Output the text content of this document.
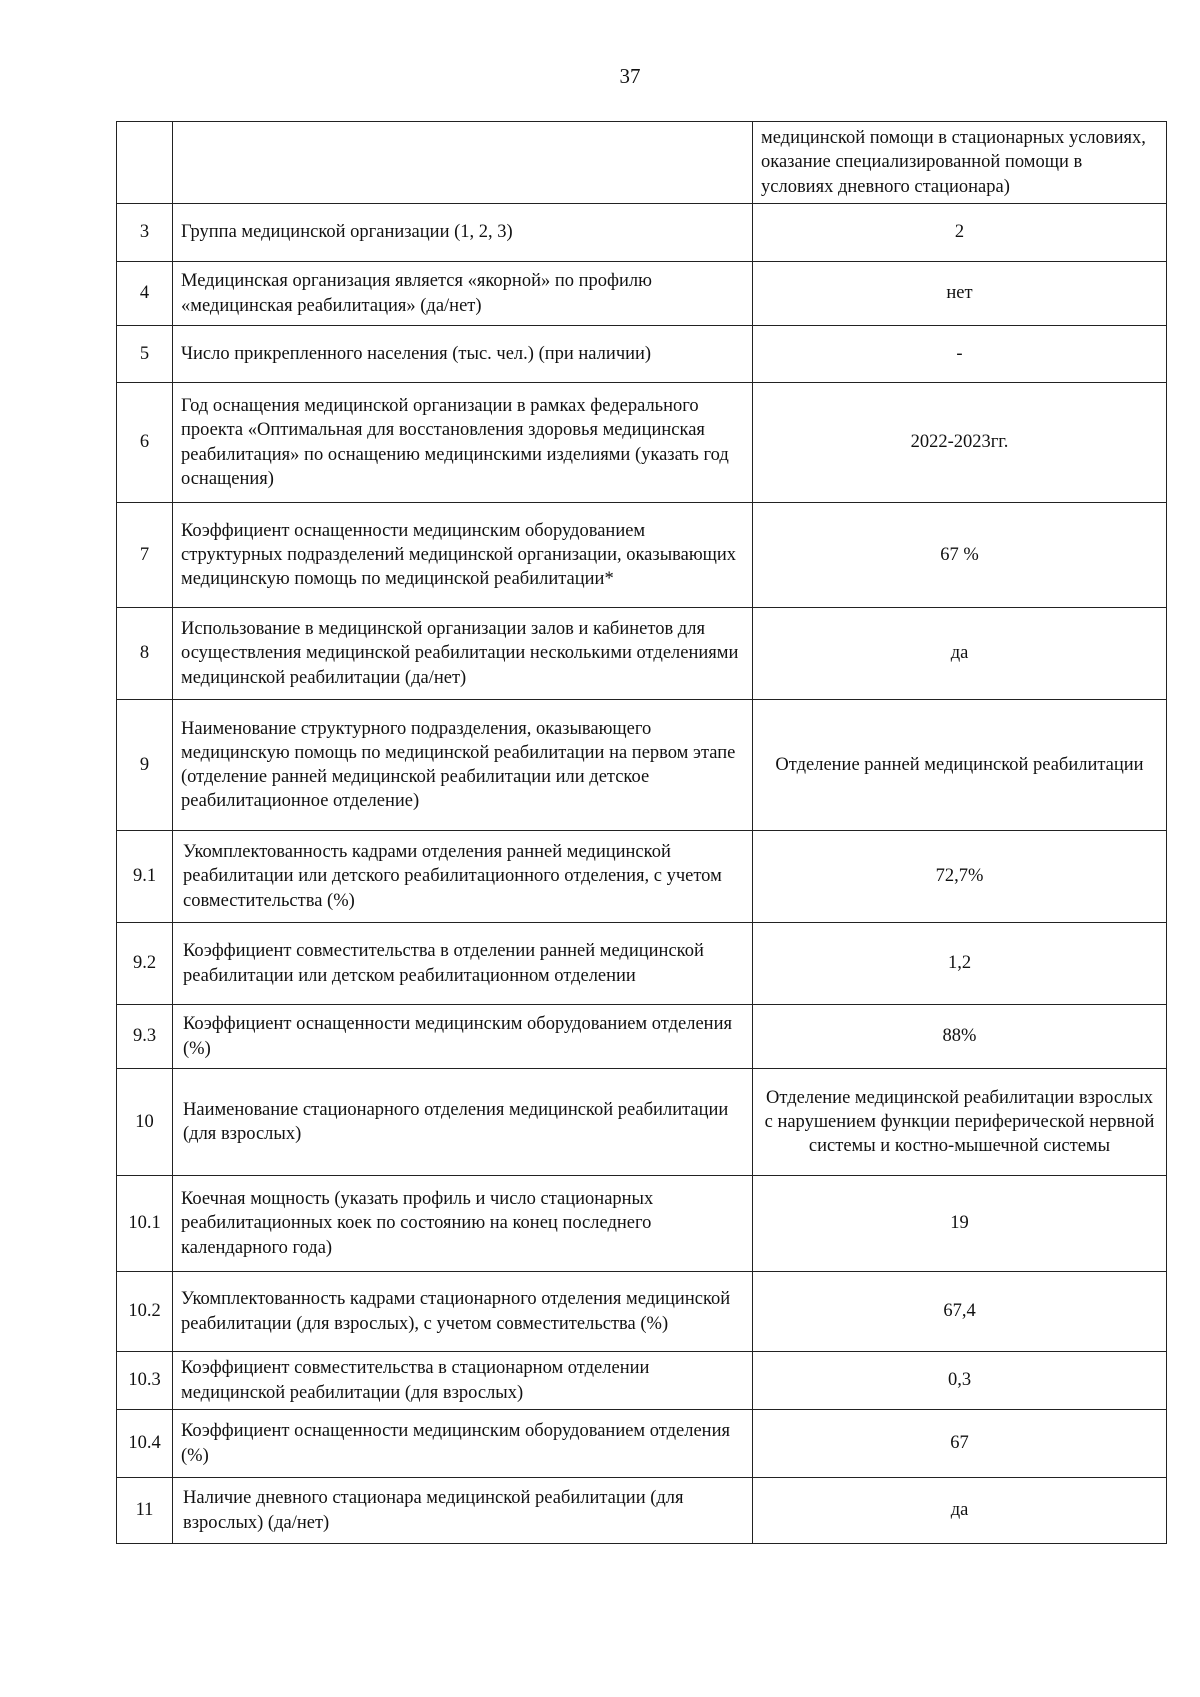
37
		медицинской помощи в стационарных условиях, оказание специализированной помощи в условиях дневного стационара)
3	Группа медицинской организации (1, 2, 3)	2
4	Медицинская организация является «якорной» по профилю «медицинская реабилитация» (да/нет)	нет
5	Число прикрепленного населения (тыс. чел.) (при наличии)	-
6	Год оснащения медицинской организации в рамках федерального проекта «Оптимальная для восстановления здоровья медицинская реабилитация» по оснащению медицинскими изделиями (указать год оснащения)	2022-2023гг.
7	Коэффициент оснащенности медицинским оборудованием структурных подразделений медицинской организации, оказывающих медицинскую помощь по медицинской реабилитации*	67 %
8	Использование в медицинской организации залов и кабинетов для осуществления медицинской реабилитации несколькими отделениями медицинской реабилитации (да/нет)	да
9	Наименование структурного подразделения, оказывающего медицинскую помощь по медицинской реабилитации на первом этапе (отделение ранней медицинской реабилитации или детское реабилитационное отделение)	Отделение ранней медицинской реабилитации
9.1	Укомплектованность кадрами отделения ранней медицинской реабилитации или детского реабилитационного отделения, с учетом совместительства (%)	72,7%
9.2	Коэффициент совместительства в отделении ранней медицинской реабилитации или детском реабилитационном отделении	1,2
9.3	Коэффициент оснащенности медицинским оборудованием отделения (%)	88%
10	Наименование стационарного отделения медицинской реабилитации (для взрослых)	Отделение медицинской реабилитации взрослых с нарушением функции периферической нервной системы и костно-мышечной системы
10.1	Коечная мощность (указать профиль и число стационарных реабилитационных коек по состоянию на конец последнего календарного года)	19
10.2	Укомплектованность кадрами стационарного отделения медицинской реабилитации (для взрослых), с учетом совместительства (%)	67,4
10.3	Коэффициент совместительства в стационарном отделении медицинской реабилитации (для взрослых)	0,3
10.4	Коэффициент оснащенности медицинским оборудованием отделения (%)	67
11	Наличие дневного стационара медицинской реабилитации (для взрослых) (да/нет)	да
